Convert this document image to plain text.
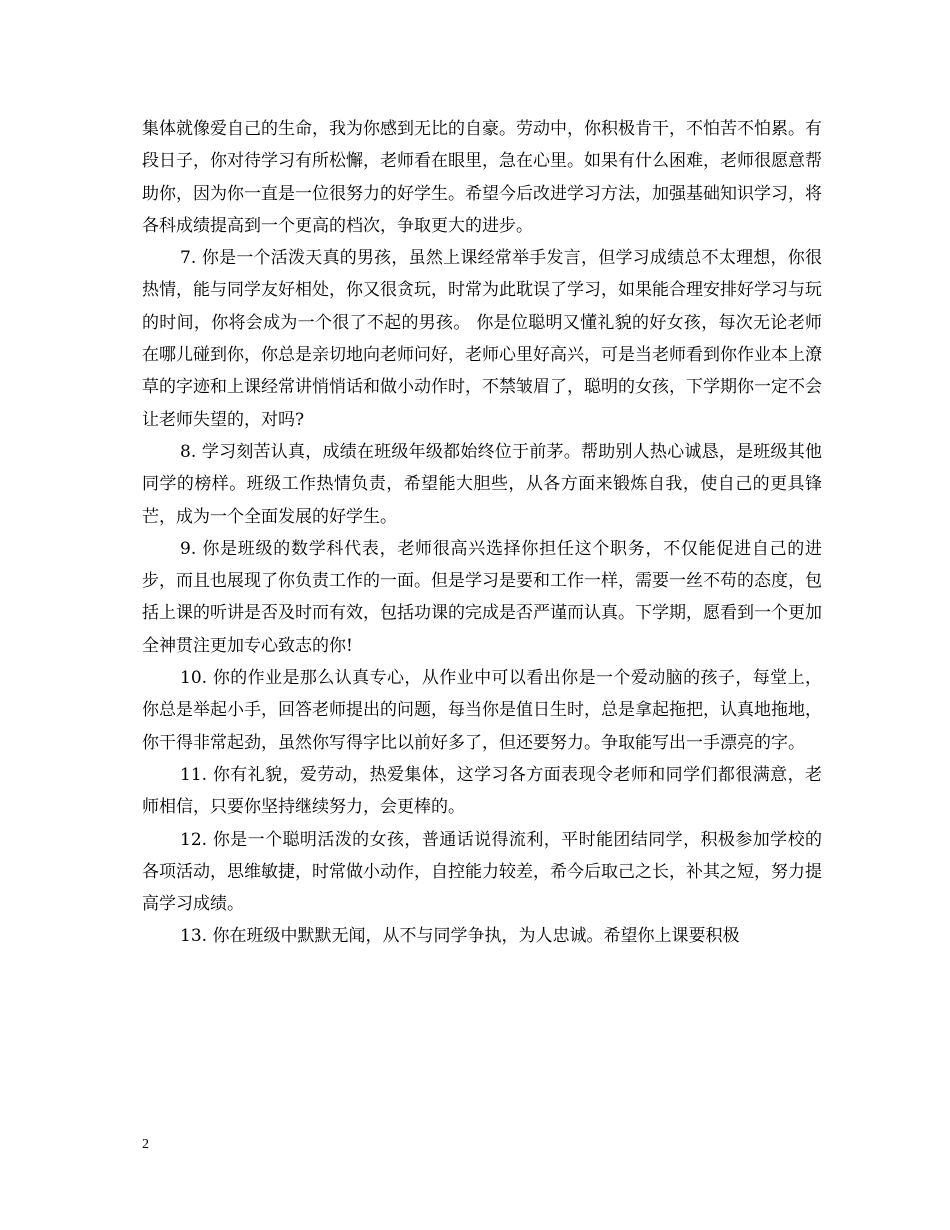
集体就像爱自己的生命，我为你感到无比的自豪。劳动中，你积极肯干，不怕苦不怕累。有段日子，你对待学习有所松懈，老师看在眼里，急在心里。如果有什么困难，老师很愿意帮助你，因为你一直是一位很努力的好学生。希望今后改进学习方法，加强基础知识学习，将各科成绩提高到一个更高的档次，争取更大的进步。

7. 你是一个活泼天真的男孩，虽然上课经常举手发言，但学习成绩总不太理想，你很热情，能与同学友好相处，你又很贪玩，时常为此耽误了学习，如果能合理安排好学习与玩的时间，你将会成为一个很了不起的男孩。 你是位聪明又懂礼貌的好女孩，每次无论老师在哪儿碰到你，你总是亲切地向老师问好，老师心里好高兴，可是当老师看到你作业本上潦草的字迹和上课经常讲悄悄话和做小动作时，不禁皱眉了，聪明的女孩，下学期你一定不会让老师失望的，对吗?

8. 学习刻苦认真，成绩在班级年级都始终位于前茅。帮助别人热心诚恳，是班级其他同学的榜样。班级工作热情负责，希望能大胆些，从各方面来锻炼自我，使自己的更具锋芒，成为一个全面发展的好学生。

9. 你是班级的数学科代表，老师很高兴选择你担任这个职务，不仅能促进自己的进步，而且也展现了你负责工作的一面。但是学习是要和工作一样，需要一丝不苟的态度，包括上课的听讲是否及时而有效，包括功课的完成是否严谨而认真。下学期，愿看到一个更加全神贯注更加专心致志的你!

10. 你的作业是那么认真专心，从作业中可以看出你是一个爱动脑的孩子，每堂上，你总是举起小手，回答老师提出的问题，每当你是值日生时，总是拿起拖把，认真地拖地，你干得非常起劲，虽然你写得字比以前好多了，但还要努力。争取能写出一手漂亮的字。

11. 你有礼貌，爱劳动，热爱集体，这学习各方面表现令老师和同学们都很满意，老师相信，只要你坚持继续努力，会更棒的。

12. 你是一个聪明活泼的女孩，普通话说得流利，平时能团结同学，积极参加学校的各项活动，思维敏捷，时常做小动作，自控能力较差，希今后取己之长，补其之短，努力提高学习成绩。

13. 你在班级中默默无闻，从不与同学争执，为人忠诚。希望你上课要积极

2
